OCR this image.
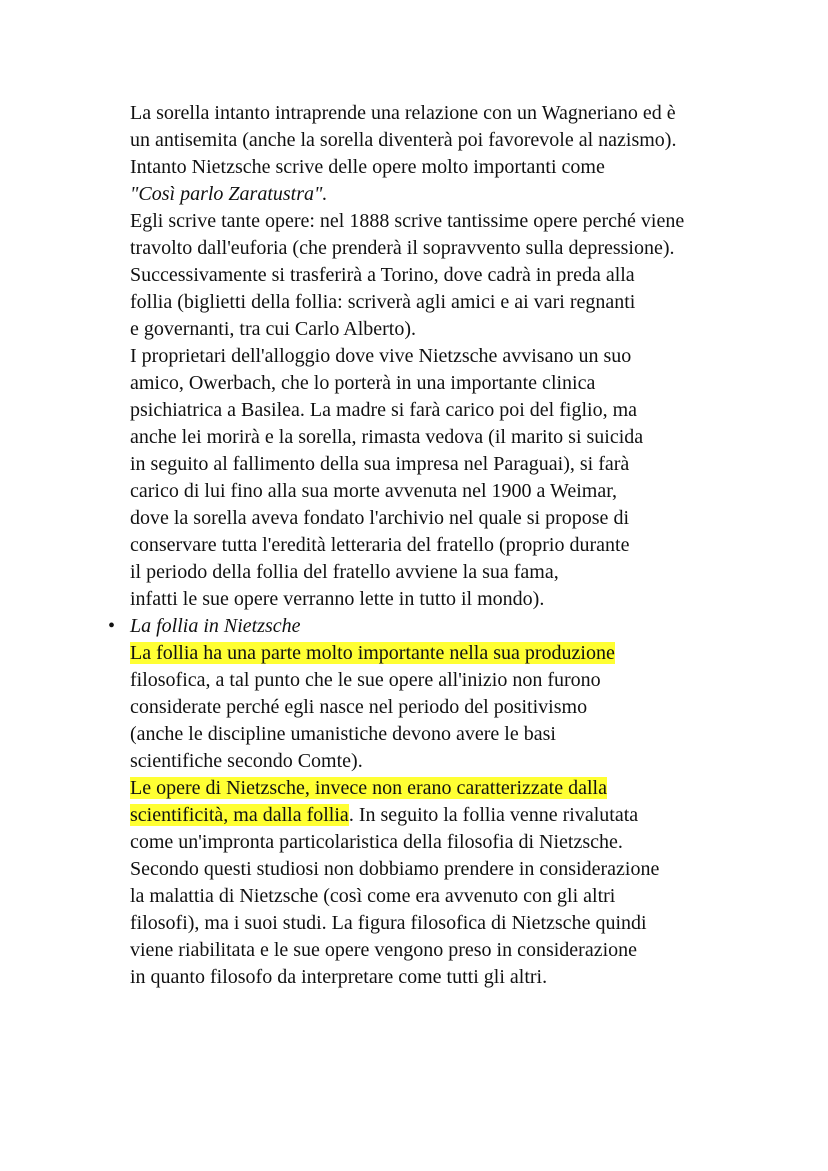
La sorella intanto intraprende una relazione con un Wagneriano ed è
un antisemita (anche la sorella diventerà poi favorevole al nazismo).
Intanto Nietzsche scrive delle opere molto importanti come
"Così parlo Zaratustra".
Egli scrive tante opere: nel 1888 scrive tantissime opere perché viene
travolto dall'euforia (che prenderà il sopravvento sulla depressione).
Successivamente si trasferirà a Torino, dove cadrà in preda alla
follia (biglietti della follia: scriverà agli amici e ai vari regnanti
e governanti, tra cui Carlo Alberto).
I proprietari dell'alloggio dove vive Nietzsche avvisano un suo
amico, Owerbach, che lo porterà in una importante clinica
psichiatrica a Basilea. La madre si farà carico poi del figlio, ma
anche lei morirà e la sorella, rimasta vedova (il marito si suicida
in seguito al fallimento della sua impresa nel Paraguai), si farà
carico di lui fino alla sua morte avvenuta nel 1900 a Weimar,
dove la sorella aveva fondato l'archivio nel quale si propose di
conservare tutta l'eredità letteraria del fratello (proprio durante
il periodo della follia del fratello avviene la sua fama,
infatti le sue opere verranno lette in tutto il mondo).
• La follia in Nietzsche
La follia ha una parte molto importante nella sua produzione
filosofica, a tal punto che le sue opere all'inizio non furono
considerate perché egli nasce nel periodo del positivismo
(anche le discipline umanistiche devono avere le basi
scientifiche secondo Comte).
Le opere di Nietzsche, invece non erano caratterizzate dalla
scientificità, ma dalla follia. In seguito la follia venne rivalutata
come un'impronta particolaristica della filosofia di Nietzsche.
Secondo questi studiosi non dobbiamo prendere in considerazione
la malattia di Nietzsche (così come era avvenuto con gli altri
filosofi), ma i suoi studi. La figura filosofica di Nietzsche quindi
viene riabilitata e le sue opere vengono preso in considerazione
in quanto filosofo da interpretare come tutti gli altri.
